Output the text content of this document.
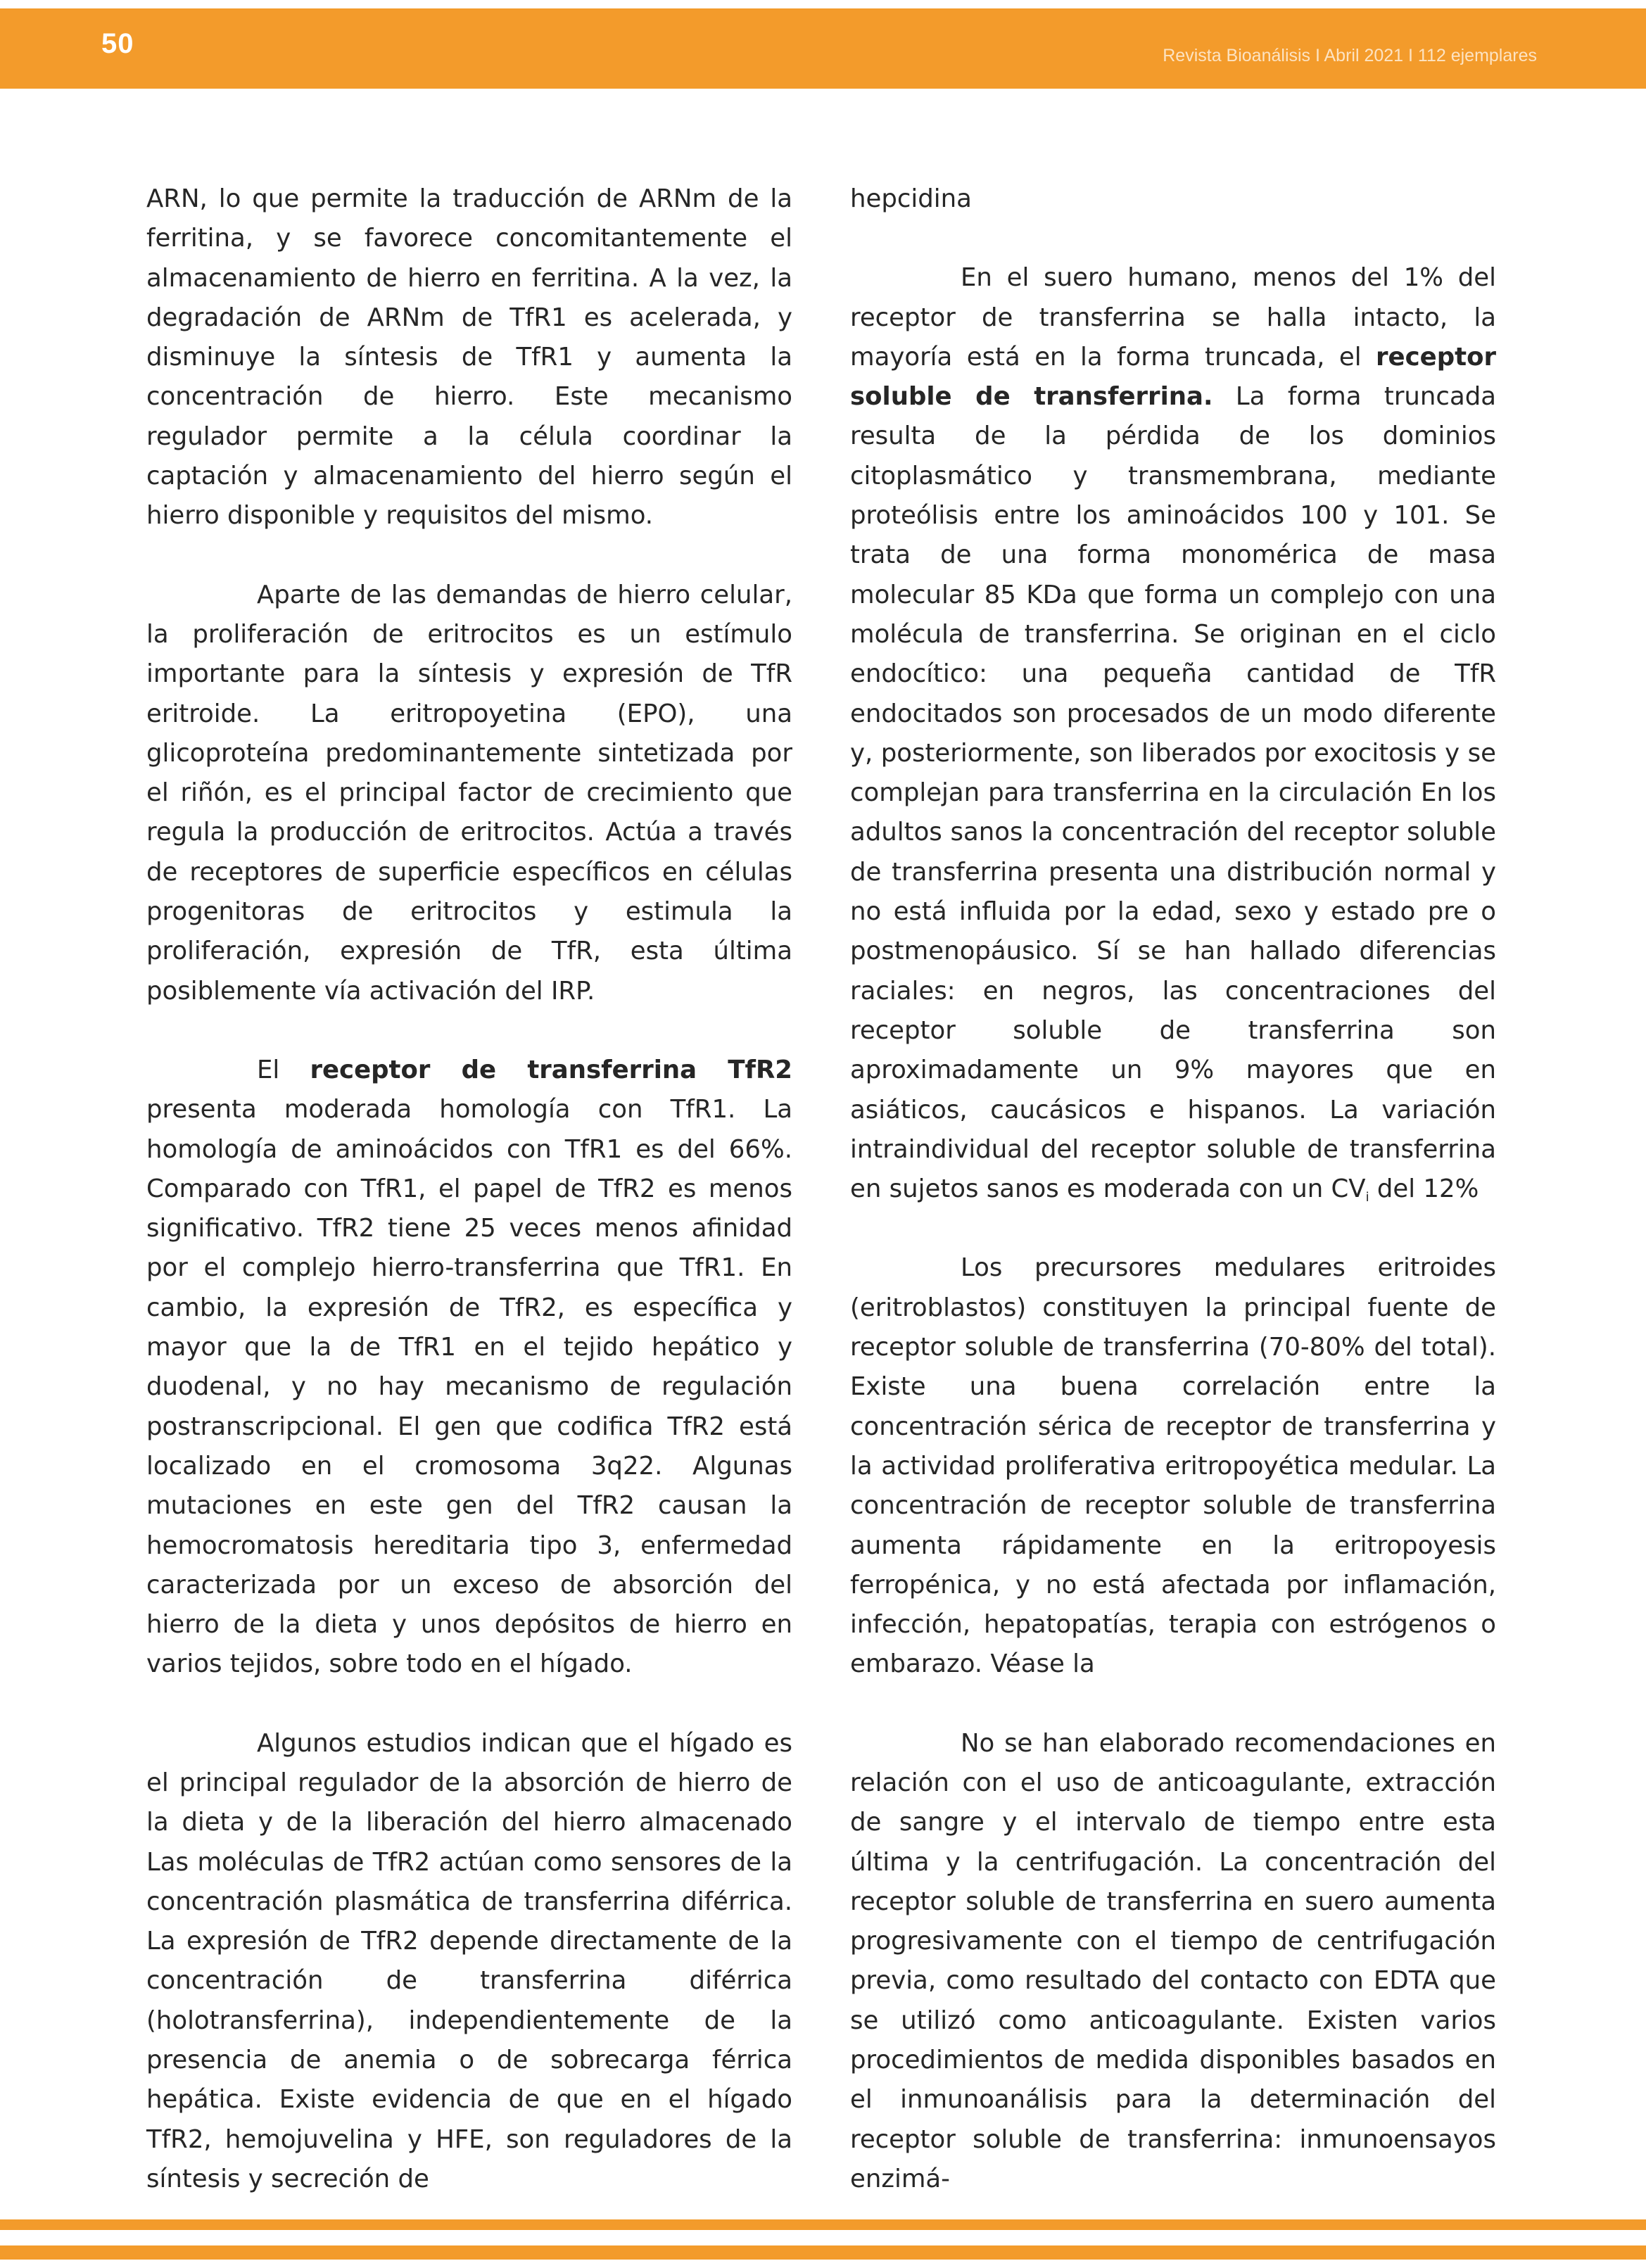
50	Revista Bioanálisis I Abril 2021 I 112 ejemplares

ARN, lo que permite la traducción de ARNm de la ferritina, y se favorece concomitantemente el almacenamiento de hierro en ferritina. A la vez, la degradación de ARNm de TfR1 es acelerada, y disminuye la síntesis de TfR1 y aumenta la concentración de hierro. Este mecanismo regulador permite a la célula coordinar la captación y almacenamiento del hierro según el hierro disponible y requisitos del mismo.

Aparte de las demandas de hierro celular, la proliferación de eritrocitos es un estímulo importante para la síntesis y expresión de TfR eritroide. La eritropoyetina (EPO), una glicoproteína predominantemente sintetizada por el riñón, es el principal factor de crecimiento que regula la producción de eritrocitos. Actúa a través de receptores de superficie específicos en células progenitoras de eritrocitos y estimula la proliferación, expresión de TfR, esta última posiblemente vía activación del IRP.

El receptor de transferrina TfR2 presenta moderada homología con TfR1. La homología de aminoácidos con TfR1 es del 66%. Comparado con TfR1, el papel de TfR2 es menos significativo. TfR2 tiene 25 veces menos afinidad por el complejo hierro-transferrina que TfR1. En cambio, la expresión de TfR2, es específica y mayor que la de TfR1 en el tejido hepático y duodenal, y no hay mecanismo de regulación postranscripcional. El gen que codifica TfR2 está localizado en el cromosoma 3q22. Algunas mutaciones en este gen del TfR2 causan la hemocromatosis hereditaria tipo 3, enfermedad caracterizada por un exceso de absorción del hierro de la dieta y unos depósitos de hierro en varios tejidos, sobre todo en el hígado.

Algunos estudios indican que el hígado es el principal regulador de la absorción de hierro de la dieta y de la liberación del hierro almacenado Las moléculas de TfR2 actúan como sensores de la concentración plasmática de transferrina diférrica. La expresión de TfR2 depende directamente de la concentración de transferrina diférrica (holotransferrina), independientemente de la presencia de anemia o de sobrecarga férrica hepática. Existe evidencia de que en el hígado TfR2, hemojuvelina y HFE, son reguladores de la síntesis y secreción de

hepcidina

En el suero humano, menos del 1% del receptor de transferrina se halla intacto, la mayoría está en la forma truncada, el receptor soluble de transferrina. La forma truncada resulta de la pérdida de los dominios citoplasmático y transmembrana, mediante proteólisis entre los aminoácidos 100 y 101. Se trata de una forma monomérica de masa molecular 85 KDa que forma un complejo con una molécula de transferrina. Se originan en el ciclo endocítico: una pequeña cantidad de TfR endocitados son procesados de un modo diferente y, posteriormente, son liberados por exocitosis y se complejan para transferrina en la circulación En los adultos sanos la concentración del receptor soluble de transferrina presenta una distribución normal y no está influida por la edad, sexo y estado pre o postmenopáusico. Sí se han hallado diferencias raciales: en negros, las concentraciones del receptor soluble de transferrina son aproximadamente un 9% mayores que en asiáticos, caucásicos e hispanos. La variación intraindividual del receptor soluble de transferrina en sujetos sanos es moderada con un $CV_i$ del 12%

Los precursores medulares eritroides (eritroblastos) constituyen la principal fuente de receptor soluble de transferrina (70-80% del total). Existe una buena correlación entre la concentración sérica de receptor de transferrina y la actividad proliferativa eritropoyética medular. La concentración de receptor soluble de transferrina aumenta rápidamente en la eritropoyesis ferropénica, y no está afectada por inflamación, infección, hepatopatías, terapia con estrógenos o embarazo. Véase la

No se han elaborado recomendaciones en relación con el uso de anticoagulante, extracción de sangre y el intervalo de tiempo entre esta última y la centrifugación. La concentración del receptor soluble de transferrina en suero aumenta progresivamente con el tiempo de centrifugación previa, como resultado del contacto con EDTA que se utilizó como anticoagulante. Existen varios procedimientos de medida disponibles basados en el inmunoanálisis para la determinación del receptor soluble de transferrina: inmunoensayos enzimá-
